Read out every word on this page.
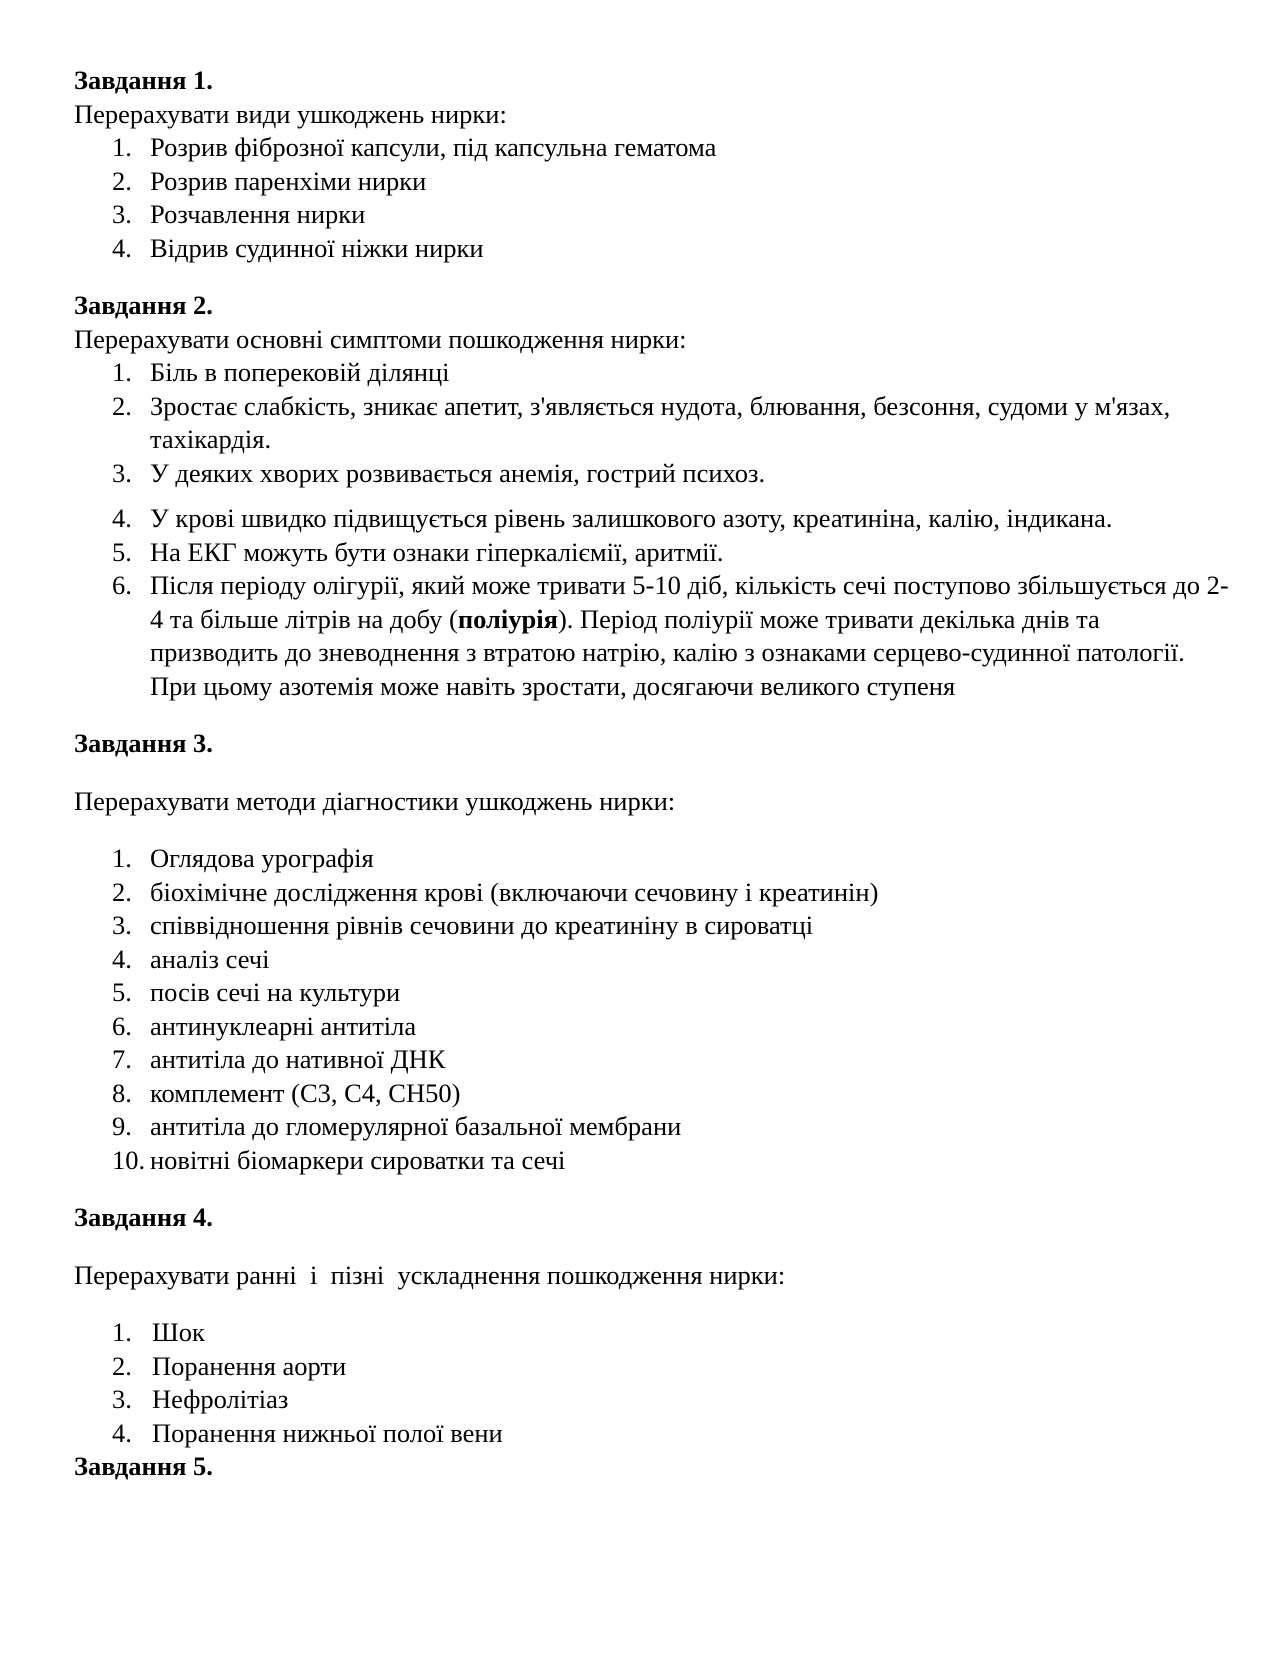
Завдання 1.

Перерахувати види ушкоджень нирки:

1. Розрив фіброзної капсули, під капсульна гематома
2. Розрив паренхіми нирки
3. Розчавлення нирки
4. Відрив судинної ніжки нирки
Завдання 2.

Перерахувати основні симптоми пошкодження нирки:

1. Біль в поперековій ділянці
2. Зростає слабкість, зникає апетит, з'являється нудота, блювання, безсоння, судоми у м'язах, тахікардія.
3. У деяких хворих розвивається анемія, гострий психоз.
4. У крові швидко підвищується рівень залишкового азоту, креатиніна, калію, індикана.
5. На ЕКГ можуть бути ознаки гіперкаліємії, аритмії.
6. Після періоду олігурії, який може тривати 5-10 діб, кількість сечі поступово збільшується до 2-4 та більше літрів на добу (поліурія). Період поліурії може тривати декілька днів та призводить до зневоднення з втратою натрію, калію з ознаками серцево-судинної патології. При цьому азотемія може навіть зростати, досягаючи великого ступеня
Завдання 3.

Перерахувати методи діагностики ушкоджень нирки:

1. Оглядова урографія
2. біохімічне дослідження крові (включаючи сечовину і креатинін)
3. співвідношення рівнів сечовини до креатиніну в сироватці
4. аналіз сечі
5. посів сечі на культури
6. антинуклеарні антитіла
7. антитіла до нативної ДНК
8. комплемент (C3, C4, CH50)
9. антитіла до гломерулярної базальної мембрани
10. новітні біомаркери сироватки та сечі
Завдання 4.

Перерахувати ранні  і  пізні  ускладнення пошкодження нирки:

1. Шок
2. Поранення аорти
3. Нефролітіаз
4. Поранення нижньої полої вени
Завдання 5.
